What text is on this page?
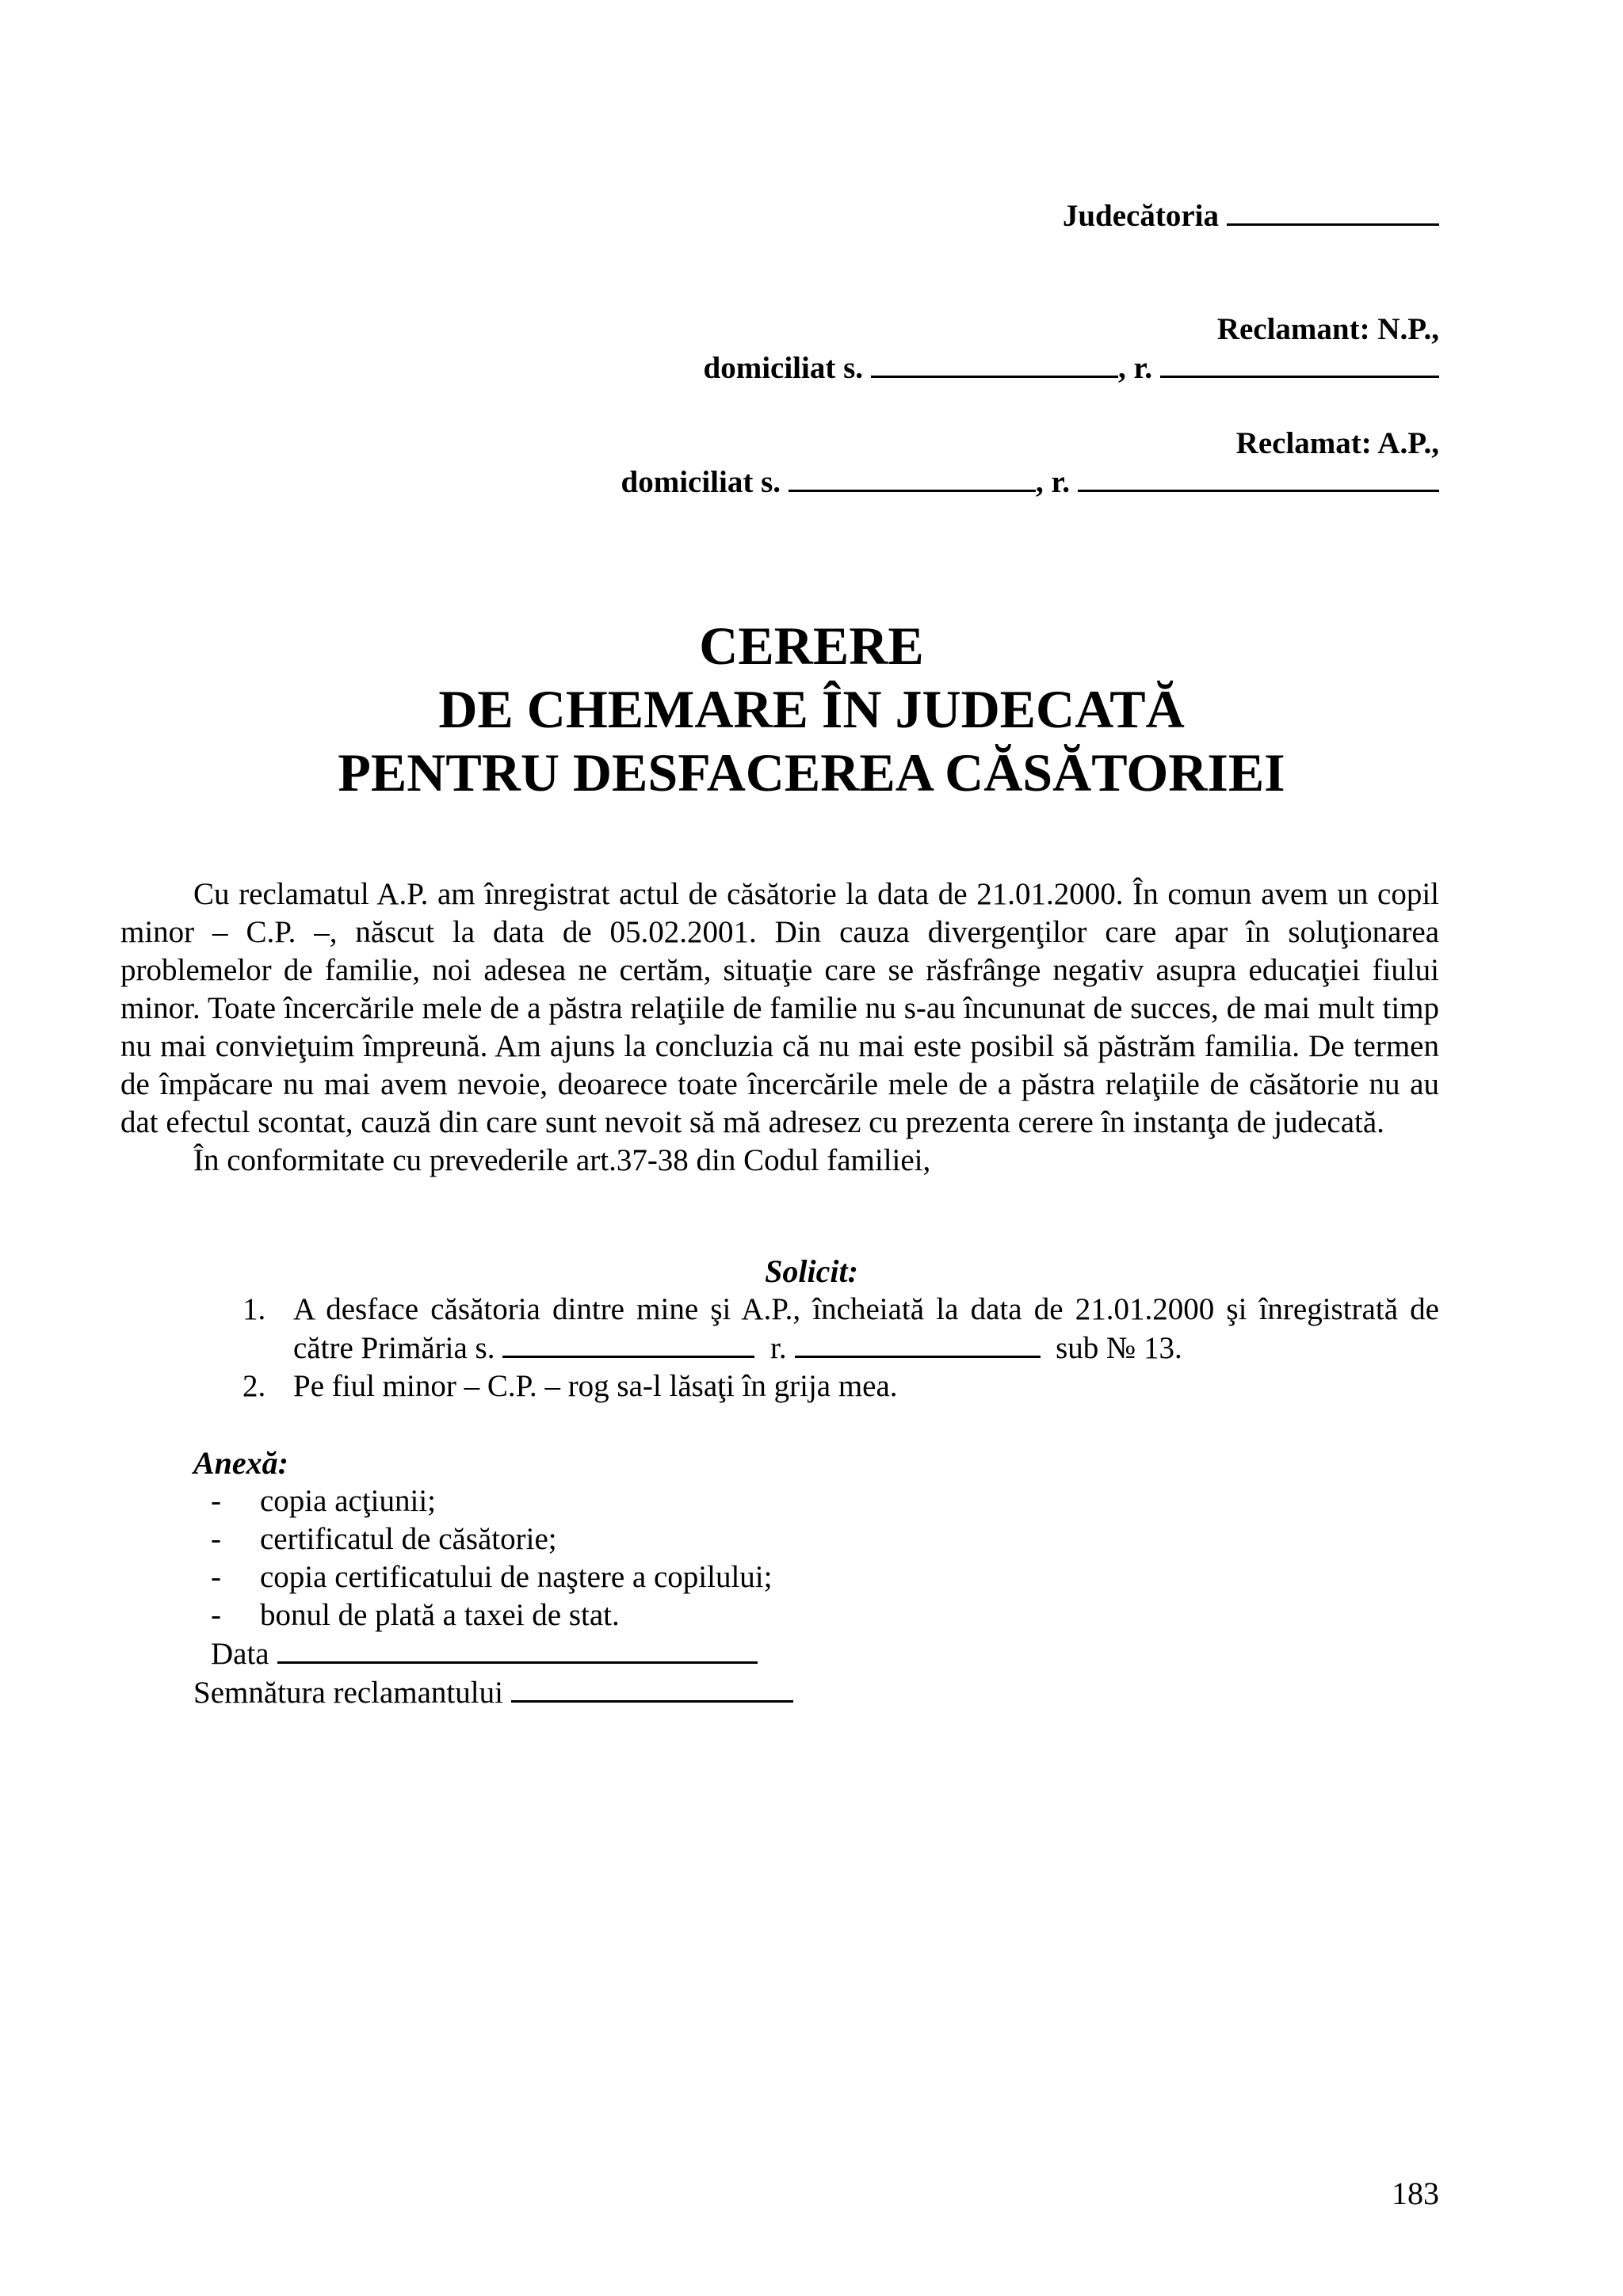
Judecătoria
Reclamant: N.P.,
domiciliat s.	, r.
Reclamat: A.P.,
domiciliat s.	, r.
CERERE
DE CHEMARE ÎN JUDECATĂ
PENTRU DESFACEREA CĂSĂTORIEI
Cu reclamatul A.P. am înregistrat actul de căsătorie la data de 21.01.2000. În comun avem un copil minor – C.P. –, născut la data de 05.02.2001. Din cauza divergenţilor care apar în soluţionarea problemelor de familie, noi adesea ne certăm, situaţie care se răsfrânge negativ asupra educaţiei fiului minor. Toate încercările mele de a păstra relaţiile de familie nu s-au încununat de succes, de mai mult timp nu mai convieţuim împreună. Am ajuns la concluzia că nu mai este posibil să păstrăm familia. De termen de împăcare nu mai avem nevoie, deoarece toate încercările mele de a păstra relaţiile de căsătorie nu au dat efectul scontat, cauză din care sunt nevoit să mă adresez cu prezenta cerere în instanţa de judecată.
În conformitate cu prevederile art.37-38 din Codul familiei,
Solicit:
1. A desface căsătoria dintre mine şi A.P., încheiată la data de 21.01.2000 şi înregistrată de către Primăria s.	r.	sub № 13.
2. Pe fiul minor – C.P. – rog sa-l lăsaţi în grija mea.
Anexă:
- copia acţiunii;
- certificatul de căsătorie;
- copia certificatului de naştere a copilului;
- bonul de plată a taxei de stat.
Data
Semnătura reclamantului
183
